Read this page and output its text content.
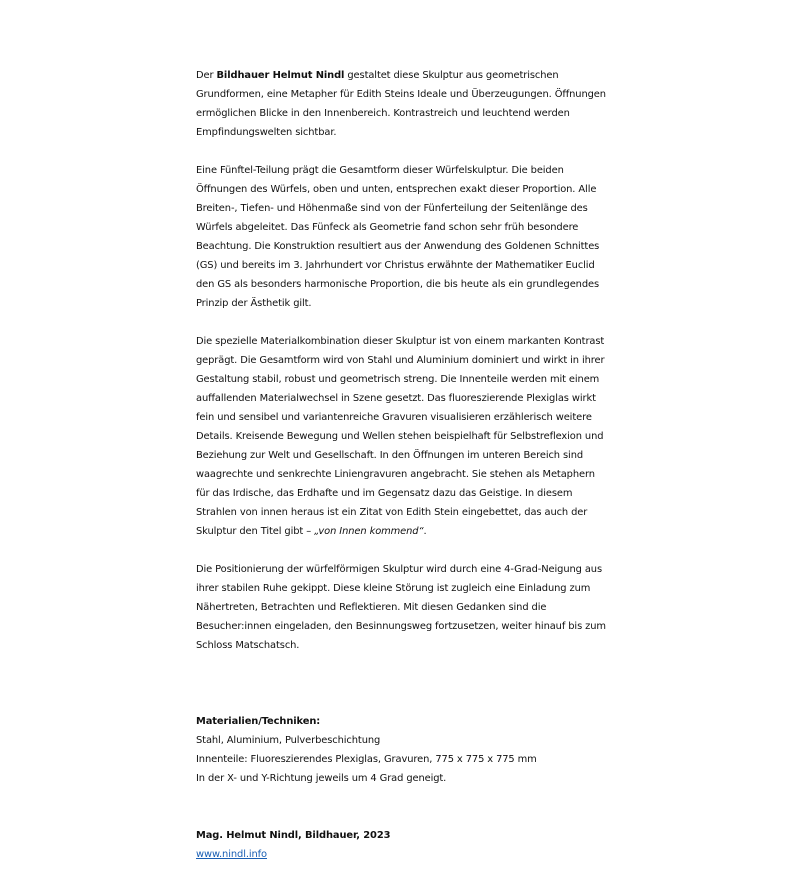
Der Bildhauer Helmut Nindl gestaltet diese Skulptur aus geometrischen Grundformen, eine Metapher für Edith Steins Ideale und Überzeugungen. Öffnungen ermöglichen Blicke in den Innenbereich. Kontrastreich und leuchtend werden Empfindungswelten sichtbar.

Eine Fünftel-Teilung prägt die Gesamtform dieser Würfelskulptur. Die beiden Öffnungen des Würfels, oben und unten, entsprechen exakt dieser Proportion. Alle Breiten-, Tiefen- und Höhenmaße sind von der Fünferteilung der Seitenlänge des Würfels abgeleitet. Das Fünfeck als Geometrie fand schon sehr früh besondere Beachtung. Die Konstruktion resultiert aus der Anwendung des Goldenen Schnittes (GS) und bereits im 3. Jahrhundert vor Christus erwähnte der Mathematiker Euclid den GS als besonders harmonische Proportion, die bis heute als ein grundlegendes Prinzip der Ästhetik gilt.

Die spezielle Materialkombination dieser Skulptur ist von einem markanten Kontrast geprägt. Die Gesamtform wird von Stahl und Aluminium dominiert und wirkt in ihrer Gestaltung stabil, robust und geometrisch streng. Die Innenteile werden mit einem auffallenden Materialwechsel in Szene gesetzt. Das fluoreszierende Plexiglas wirkt fein und sensibel und variantenreiche Gravuren visualisieren erzählerisch weitere Details. Kreisende Bewegung und Wellen stehen beispielhaft für Selbstreflexion und Beziehung zur Welt und Gesellschaft. In den Öffnungen im unteren Bereich sind waagrechte und senkrechte Liniengravuren angebracht. Sie stehen als Metaphern für das Irdische, das Erdhafte und im Gegensatz dazu das Geistige. In diesem Strahlen von innen heraus ist ein Zitat von Edith Stein eingebettet, das auch der Skulptur den Titel gibt – „von Innen kommend“.

Die Positionierung der würfelförmigen Skulptur wird durch eine 4-Grad-Neigung aus ihrer stabilen Ruhe gekippt. Diese kleine Störung ist zugleich eine Einladung zum Nähertreten, Betrachten und Reflektieren. Mit diesen Gedanken sind die Besucher:innen eingeladen, den Besinnungsweg fortzusetzen, weiter hinauf bis zum Schloss Matschatsch.

Materialien/Techniken:

Stahl, Aluminium, Pulverbeschichtung

Innenteile: Fluoreszierendes Plexiglas, Gravuren, 775 x 775 x 775 mm

In der X- und Y-Richtung jeweils um 4 Grad geneigt.

Mag. Helmut Nindl, Bildhauer, 2023

www.nindl.info
